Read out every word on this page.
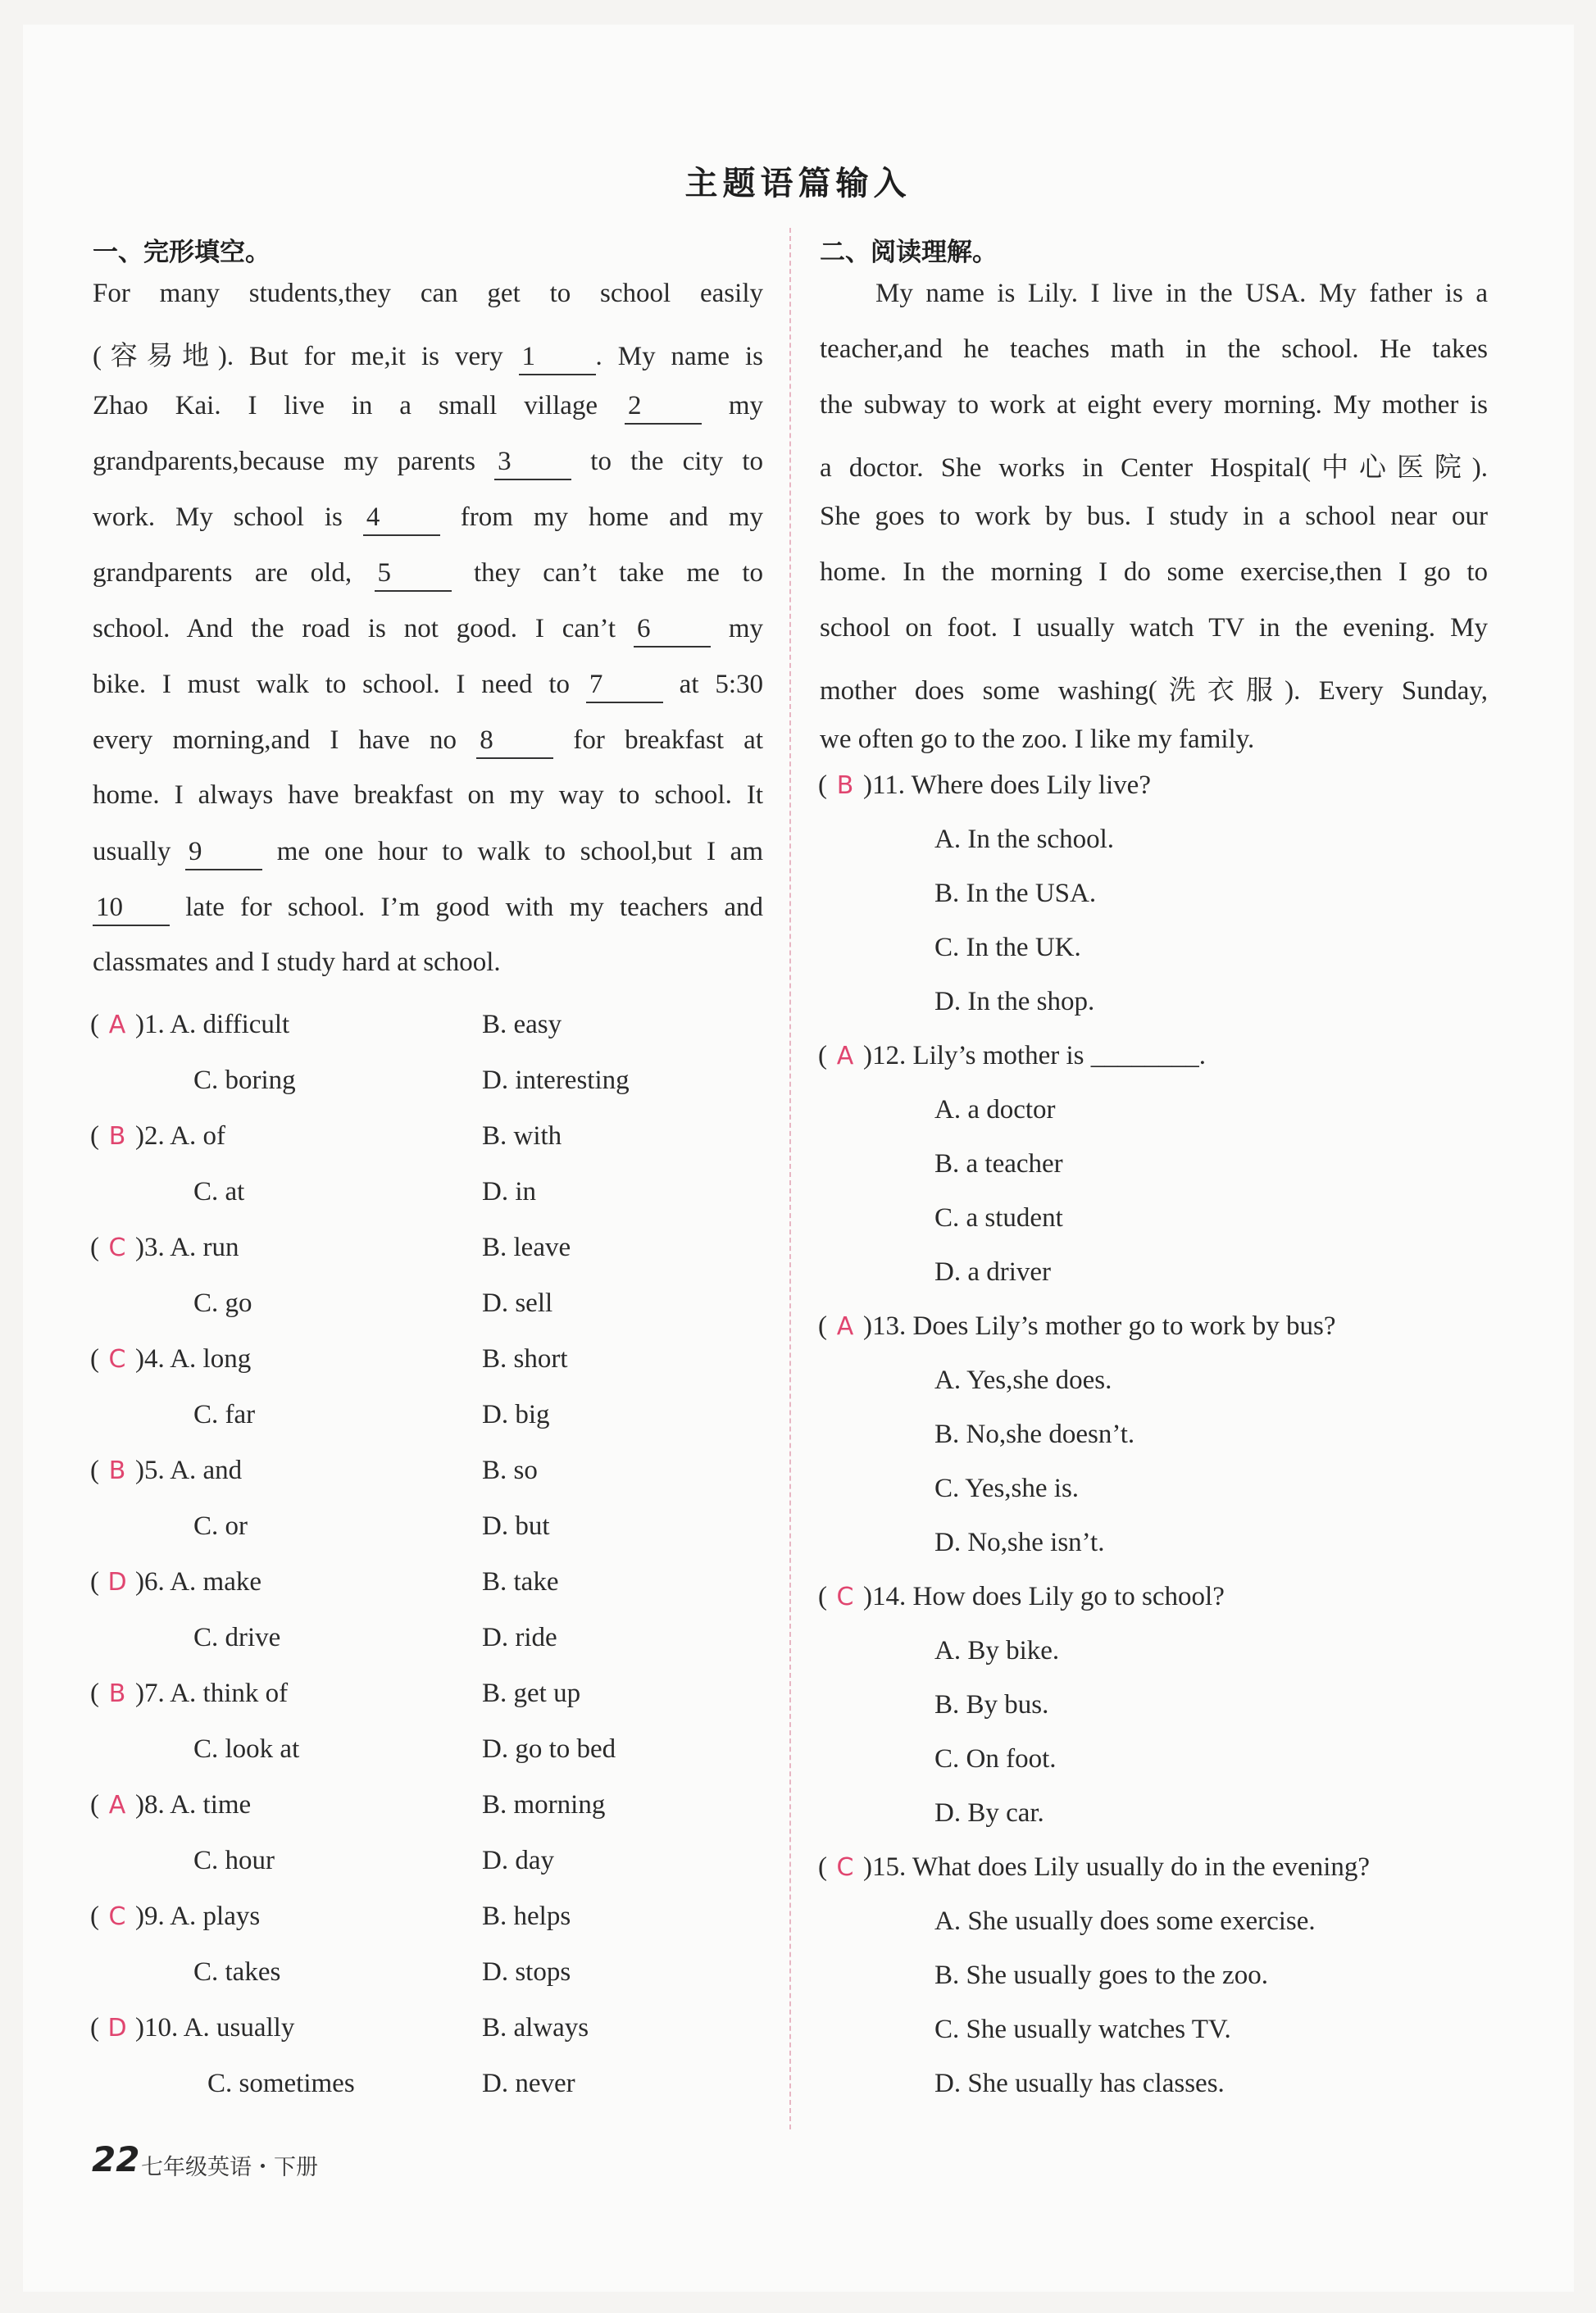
主题语篇输入
一、完形填空。	二、阅读理解。
For many students,they can get to school easily
(容易地). But for me,it is very 1 . My name is
Zhao Kai. I live in a small village 2 my
grandparents,because my parents 3 to the city to
work. My school is 4 from my home and my
grandparents are old, 5 they can’t take me to
school. And the road is not good. I can’t 6 my
bike. I must walk to school. I need to 7 at 5:30
every morning,and I have no 8 for breakfast at
home. I always have breakfast on my way to school. It
usually 9 me one hour to walk to school,but I am
10 late for school. I’m good with my teachers and
classmates and I study hard at school.
( A )1. A. difficult	B. easy
C. boring	D. interesting
( B )2. A. of	B. with
C. at	D. in
( C )3. A. run	B. leave
C. go	D. sell
( C )4. A. long	B. short
C. far	D. big
( B )5. A. and	B. so
C. or	D. but
( D )6. A. make	B. take
C. drive	D. ride
( B )7. A. think of	B. get up
C. look at	D. go to bed
( A )8. A. time	B. morning
C. hour	D. day
( C )9. A. plays	B. helps
C. takes	D. stops
( D )10. A. usually	B. always
C. sometimes	D. never
My name is Lily. I live in the USA. My father is a
teacher,and he teaches math in the school. He takes
the subway to work at eight every morning. My mother is
a doctor. She works in Center Hospital(中心医院).
She goes to work by bus. I study in a school near our
home. In the morning I do some exercise,then I go to
school on foot. I usually watch TV in the evening. My
mother does some washing(洗衣服). Every Sunday,
we often go to the zoo. I like my family.
( B )11. Where does Lily live?
A. In the school.
B. In the USA.
C. In the UK.
D. In the shop.
( A )12. Lily’s mother is ________.
A. a doctor
B. a teacher
C. a student
D. a driver
( A )13. Does Lily’s mother go to work by bus?
A. Yes,she does.
B. No,she doesn’t.
C. Yes,she is.
D. No,she isn’t.
( C )14. How does Lily go to school?
A. By bike.
B. By bus.
C. On foot.
D. By car.
( C )15. What does Lily usually do in the evening?
A. She usually does some exercise.
B. She usually goes to the zoo.
C. She usually watches TV.
D. She usually has classes.
22 七年级英语・下册
